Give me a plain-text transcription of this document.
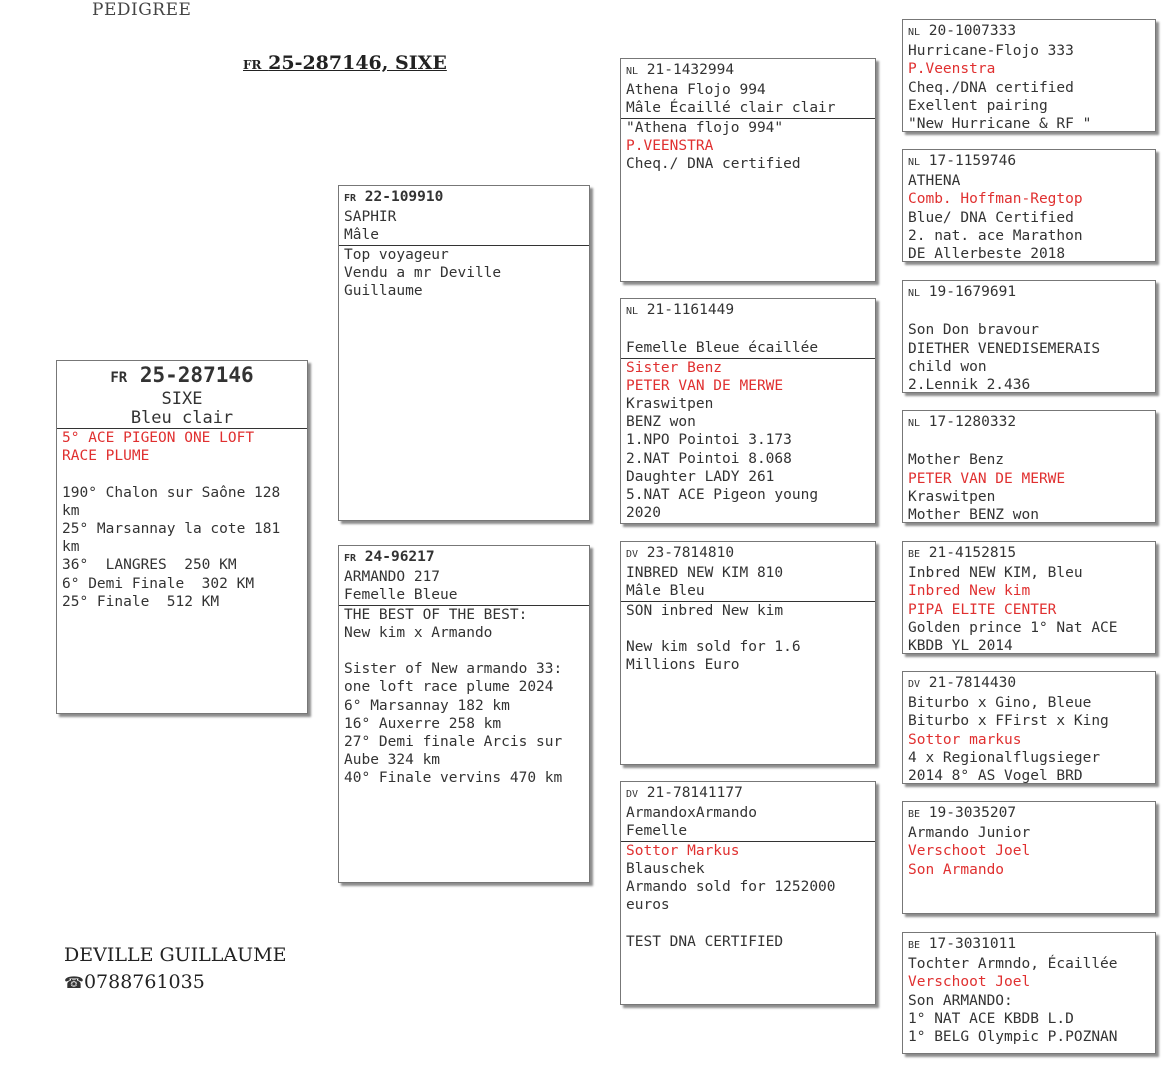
PEDIGREE
FR 25-287146, SIXE
FR 25-287146
SIXE
Bleu clair
5° ACE PIGEON ONE LOFT
RACE PLUME
190° Chalon sur Saône 128
km
25° Marsannay la cote 181
km
36°  LANGRES  250 KM
6° Demi Finale  302 KM
25° Finale  512 KM
FR 22-109910
SAPHIR
Mâle
Top voyageur
Vendu a mr Deville
Guillaume
FR 24-96217
ARMANDO 217
Femelle Bleue
THE BEST OF THE BEST:
New kim x Armando
Sister of New armando 33:
one loft race plume 2024
6° Marsannay 182 km
16° Auxerre 258 km
27° Demi finale Arcis sur
Aube 324 km
40° Finale vervins 470 km
NL 21-1432994
Athena Flojo 994
Mâle Écaillé clair clair
"Athena flojo 994"
P.VEENSTRA
Cheq./ DNA certified
NL 21-1161449
Femelle Bleue écaillée
Sister Benz
PETER VAN DE MERWE
Kraswitpen
BENZ won
1.NPO Pointoi 3.173
2.NAT Pointoi 8.068
Daughter LADY 261
5.NAT ACE Pigeon young
2020
DV 23-7814810
INBRED NEW KIM 810
Mâle Bleu
SON inbred New kim
New kim sold for 1.6
Millions Euro
DV 21-78141177
ArmandoxArmando
Femelle
Sottor Markus
Blauschek
Armando sold for 1252000
euros
TEST DNA CERTIFIED
NL 20-1007333
Hurricane-Flojo 333
P.Veenstra
Cheq./DNA certified
Exellent pairing
"New Hurricane & RF "
NL 17-1159746
ATHENA
Comb. Hoffman-Regtop
Blue/ DNA Certified
2. nat. ace Marathon
DE Allerbeste 2018
NL 19-1679691
Son Don bravour
DIETHER VENEDISEMERAIS
child won
2.Lennik 2.436
NL 17-1280332
Mother Benz
PETER VAN DE MERWE
Kraswitpen
Mother BENZ won
BE 21-4152815
Inbred NEW KIM, Bleu
Inbred New kim
PIPA ELITE CENTER
Golden prince 1° Nat ACE
KBDB YL 2014
DV 21-7814430
Biturbo x Gino, Bleue
Biturbo x FFirst x King
Sottor markus
4 x Regionalflugsieger
2014 8° AS Vogel BRD
BE 19-3035207
Armando Junior
Verschoot Joel
Son Armando
BE 17-3031011
Tochter Armndo, Écaillée
Verschoot Joel
Son ARMANDO:
1° NAT ACE KBDB L.D
1° BELG Olympic P.POZNAN
DEVILLE GUILLAUME
☎0788761035
